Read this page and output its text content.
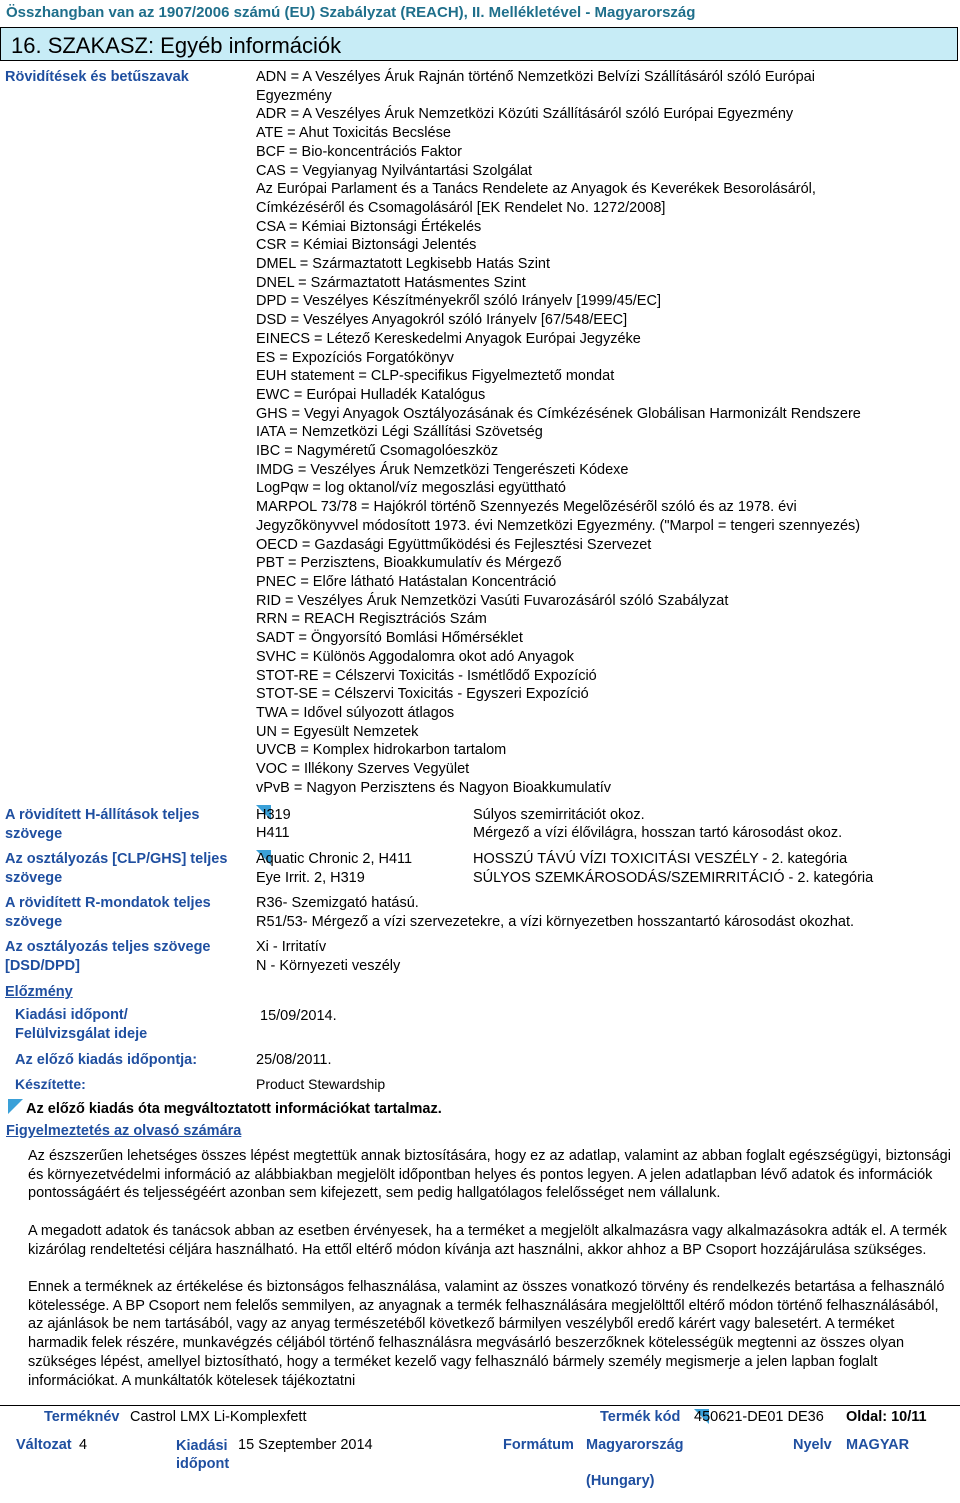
Összhangban van az 1907/2006 számú (EU) Szabályzat (REACH), II. Mellékletével - Magyarország
16. SZAKASZ: Egyéb információk
Rövidítések és betűszavak	ADN = A Veszélyes Áruk Rajnán történő Nemzetközi Belvízi Szállításáról szóló Európai
Egyezmény
ADR = A Veszélyes Áruk Nemzetközi Közúti Szállításáról szóló Európai Egyezmény
ATE = Ahut Toxicitás Becslése
BCF = Bio-koncentrációs Faktor
CAS = Vegyianyag Nyilvántartási Szolgálat
Az Európai Parlament és a Tanács Rendelete az Anyagok és Keverékek Besorolásáról,
Címkézéséről és Csomagolásáról [EK Rendelet No. 1272/2008]
CSA = Kémiai Biztonsági Értékelés
CSR = Kémiai Biztonsági Jelentés
DMEL = Származtatott Legkisebb Hatás Szint
DNEL = Származtatott Hatásmentes Szint
DPD = Veszélyes Készítményekről szóló Irányelv [1999/45/EC]
DSD = Veszélyes Anyagokról szóló Irányelv [67/548/EEC]
EINECS = Létező Kereskedelmi Anyagok Európai Jegyzéke
ES = Expozíciós Forgatókönyv
EUH statement = CLP-specifikus Figyelmeztető mondat
EWC = Európai Hulladék Katalógus
GHS = Vegyi Anyagok Osztályozásának és Címkézésének Globálisan Harmonizált Rendszere
IATA = Nemzetközi Légi Szállítási Szövetség
IBC = Nagyméretű Csomagolóeszköz
IMDG = Veszélyes Áruk Nemzetközi Tengerészeti Kódexe
LogPqw = log oktanol/víz megoszlási együttható
MARPOL 73/78 = Hajókról történõ Szennyezés Megelõzésérõl szóló és az 1978. évi
Jegyzõkönyvvel módosított 1973. évi Nemzetközi Egyezmény. ("Marpol = tengeri szennyezés)
OECD = Gazdasági Együttműködési és Fejlesztési Szervezet
PBT = Perzisztens, Bioakkumulatív és Mérgező
PNEC = Előre látható Hatástalan Koncentráció
RID = Veszélyes Áruk Nemzetközi Vasúti Fuvarozásáról szóló Szabályzat
RRN = REACH Regisztrációs Szám
SADT = Öngyorsító Bomlási Hőmérséklet
SVHC = Különös Aggodalomra okot adó Anyagok
STOT-RE = Célszervi Toxicitás - Ismétlődő Expozíció
STOT-SE = Célszervi Toxicitás - Egyszeri Expozíció
TWA = Idővel súlyozott átlagos
UN = Egyesült Nemzetek
UVCB = Komplex hidrokarbon tartalom
VOC = Illékony Szerves Vegyület
vPvB = Nagyon Perzisztens és Nagyon Bioakkumulatív
A rövidített H-állítások teljes szövege
H319	Súlyos szemirritációt okoz.
H411	Mérgező a vízi élővilágra, hosszan tartó károsodást okoz.
Az osztályozás [CLP/GHS] teljes szövege
Aquatic Chronic 2, H411	HOSSZÚ TÁVÚ VÍZI TOXICITÁSI VESZÉLY - 2. kategória
Eye Irrit. 2, H319	SÚLYOS SZEMKÁROSODÁS/SZEMIRRITÁCIÓ - 2. kategória
A rövidített R-mondatok teljes szövege
R36- Szemizgató hatású.
R51/53- Mérgező a vízi szervezetekre, a vízi környezetben hosszantartó károsodást okozhat.
Az osztályozás teljes szövege [DSD/DPD]
Xi - Irritatív
N - Környezeti veszély
Előzmény
Kiadási időpont/ Felülvizsgálat ideje
15/09/2014.
Az előző kiadás időpontja:	25/08/2011.
Készítette:	Product Stewardship
Az előző kiadás óta megváltoztatott információkat tartalmaz.
Figyelmeztetés az olvasó számára
Az észszerűen lehetséges összes lépést megtettük annak biztosítására, hogy ez az adatlap, valamint az abban foglalt egészségügyi, biztonsági és környezetvédelmi információ az alábbiakban megjelölt időpontban helyes és pontos legyen. A jelen adatlapban lévő adatok és információk pontosságáért és teljességéért azonban sem kifejezett, sem pedig hallgatólagos felelősséget nem vállalunk.
A megadott adatok és tanácsok abban az esetben érvényesek, ha a terméket a megjelölt alkalmazásra vagy alkalmazásokra adták el. A termék kizárólag rendeltetési céljára használható. Ha ettől eltérő módon kívánja azt használni, akkor ahhoz a BP Csoport hozzájárulása szükséges.
Ennek a terméknek az értékelése és biztonságos felhasználása, valamint az összes vonatkozó törvény és rendelkezés betartása a felhasználó kötelessége. A BP Csoport nem felelős semmilyen, az anyagnak a termék felhasználására megjelölttől eltérő módon történő felhasználásából, az ajánlások be nem tartásából, vagy az anyag természetéből következő bármilyen veszélyből eredő kárért vagy balesetért. A terméket harmadik felek részére, munkavégzés céljából történő felhasználásra megvásárló beszerzőknek kötelességük megtenni az összes olyan szükséges lépést, amellyel biztosítható, hogy a terméket kezelő vagy felhasználó bármely személy megismerje a jelen lapban foglalt információkat. A munkáltatók kötelesek tájékoztatni
Terméknév Castrol LMX Li-Komplexfett	Termék kód 450621-DE01 DE36 Oldal: 10/11
Változat 4	Kiadási időpont
15 Szeptember 2014	Formátum Magyarország
(Hungary)
Nyelv MAGYAR
